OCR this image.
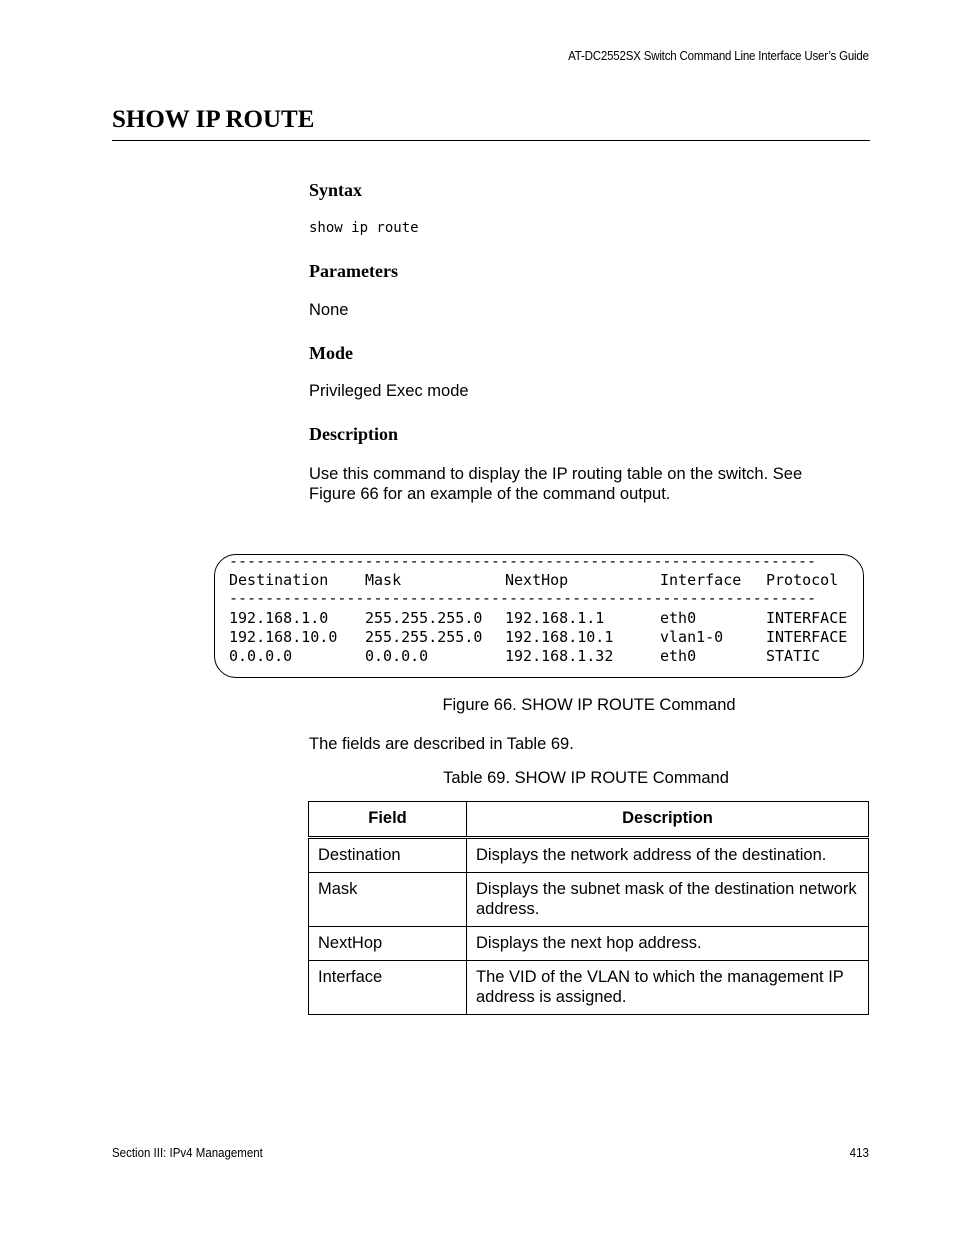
AT-DC2552SX Switch Command Line Interface User’s Guide
SHOW IP ROUTE
Syntax
show ip route
Parameters

None

Mode

Privileged Exec mode

Description

Use this command to display the IP routing table on the switch. See

Figure 66 for an example of the command output.

-----------------------------------------------------------------
Destination Mask	NextHop	Interface Protocol
-----------------------------------------------------------------
192.168.1.0 255.255.255.0 192.168.1.1	eth0	INTERFACE
192.168.10.0 255.255.255.0 192.168.10.1	vlan1-0	INTERFACE
0.0.0.0	0.0.0.0	192.168.1.32	eth0	STATIC

Figure 66. SHOW IP ROUTE Command

The fields are described in Table 69.

Table 69. SHOW IP ROUTE Command

Field	Description
Destination	Displays the network address of the destination.
Mask	Displays the subnet mask of the destination network address.
NextHop	Displays the next hop address.
Interface	The VID of the VLAN to which the management IP address is assigned.
Section III: IPv4 Management	413
